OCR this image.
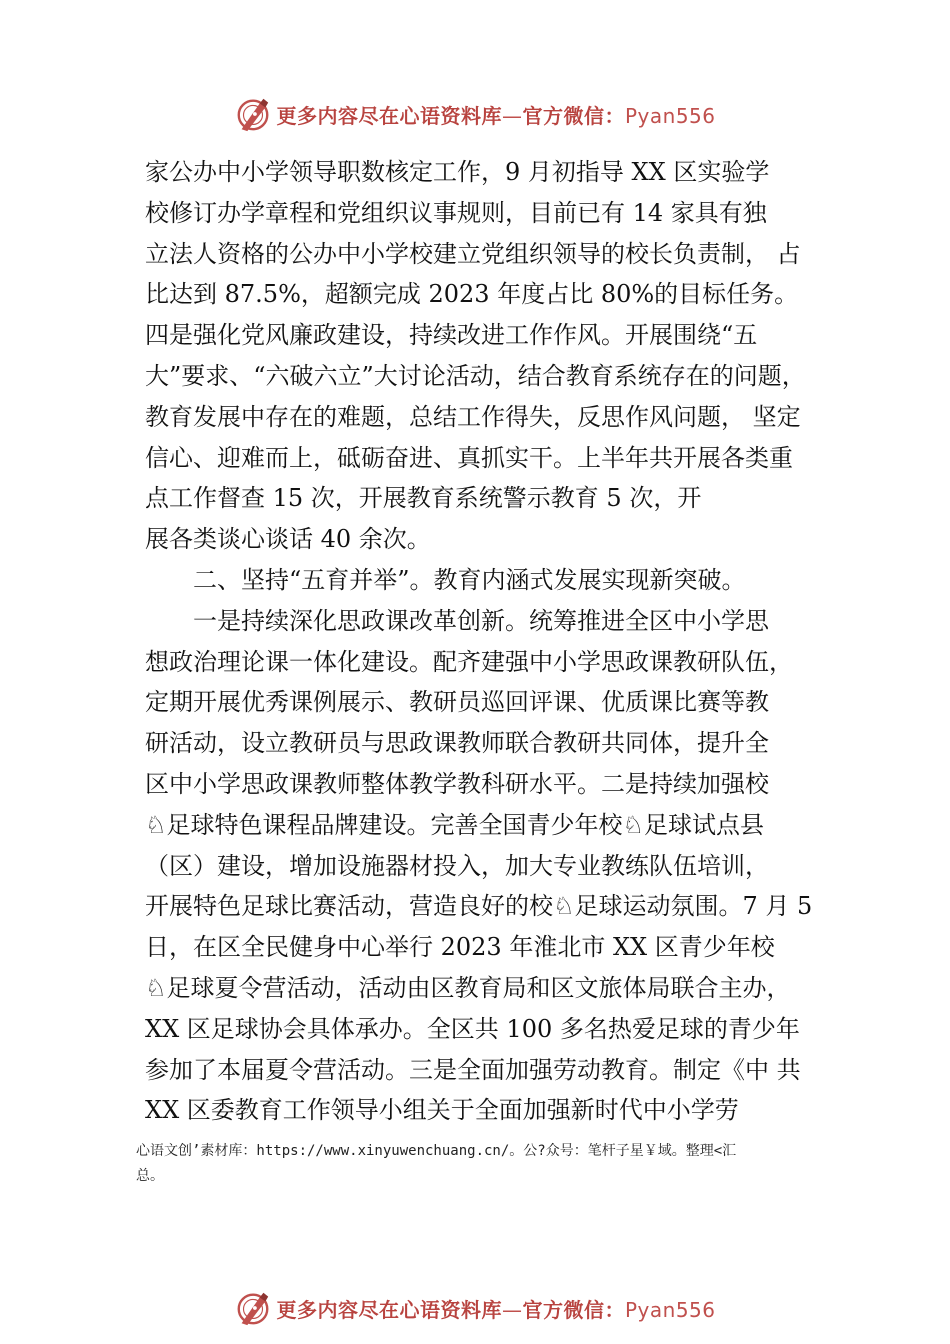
更多内容尽在心语资料库—官方微信：Pyan556
家公办中小学领导职数核定工作，9 月初指导 XX 区实验学
校修订办学章程和党组织议事规则，目前已有 14 家具有独
立法人资格的公办中小学校建立党组织领导的校长负责制， 占
比达到 87.5%，超额完成 2023 年度占比 80%的目标任务。
四是强化党风廉政建设，持续改进工作作风。开展围绕“五
大”要求、“六破六立”大讨论活动，结合教育系统存在的问题，
教育发展中存在的难题，总结工作得失，反思作风问题， 坚定
信心、迎难而上，砥砺奋进、真抓实干。上半年共开展各类重
点工作督查 15 次，开展教育系统警示教育 5 次，开
展各类谈心谈话 40 余次。
二、坚持“五育并举”。教育内涵式发展实现新突破。
一是持续深化思政课改革创新。统筹推进全区中小学思
想政治理论课一体化建设。配齐建强中小学思政课教研队伍，
定期开展优秀课例展示、教研员巡回评课、优质课比赛等教
研活动，设立教研员与思政课教师联合教研共同体，提升全
区中小学思政课教师整体教学教科研水平。二是持续加强校
♘足球特色课程品牌建设。完善全国青少年校♘足球试点县
（区）建设，增加设施器材投入，加大专业教练队伍培训，
开展特色足球比赛活动，营造良好的校♘足球运动氛围。7 月 5
日，在区全民健身中心举行 2023 年淮北市 XX 区青少年校
♘足球夏令营活动，活动由区教育局和区文旅体局联合主办，
XX 区足球协会具体承办。全区共 100 多名热爱足球的青少年
参加了本届夏令营活动。三是全面加强劳动教育。制定《中 共
XX 区委教育工作领导小组关于全面加强新时代中小学劳
心语文创’素材库：https://www.xinyuwenchuang.cn/。公?众号：笔杆子星￥域。整理<汇
总。
更多内容尽在心语资料库—官方微信：Pyan556
